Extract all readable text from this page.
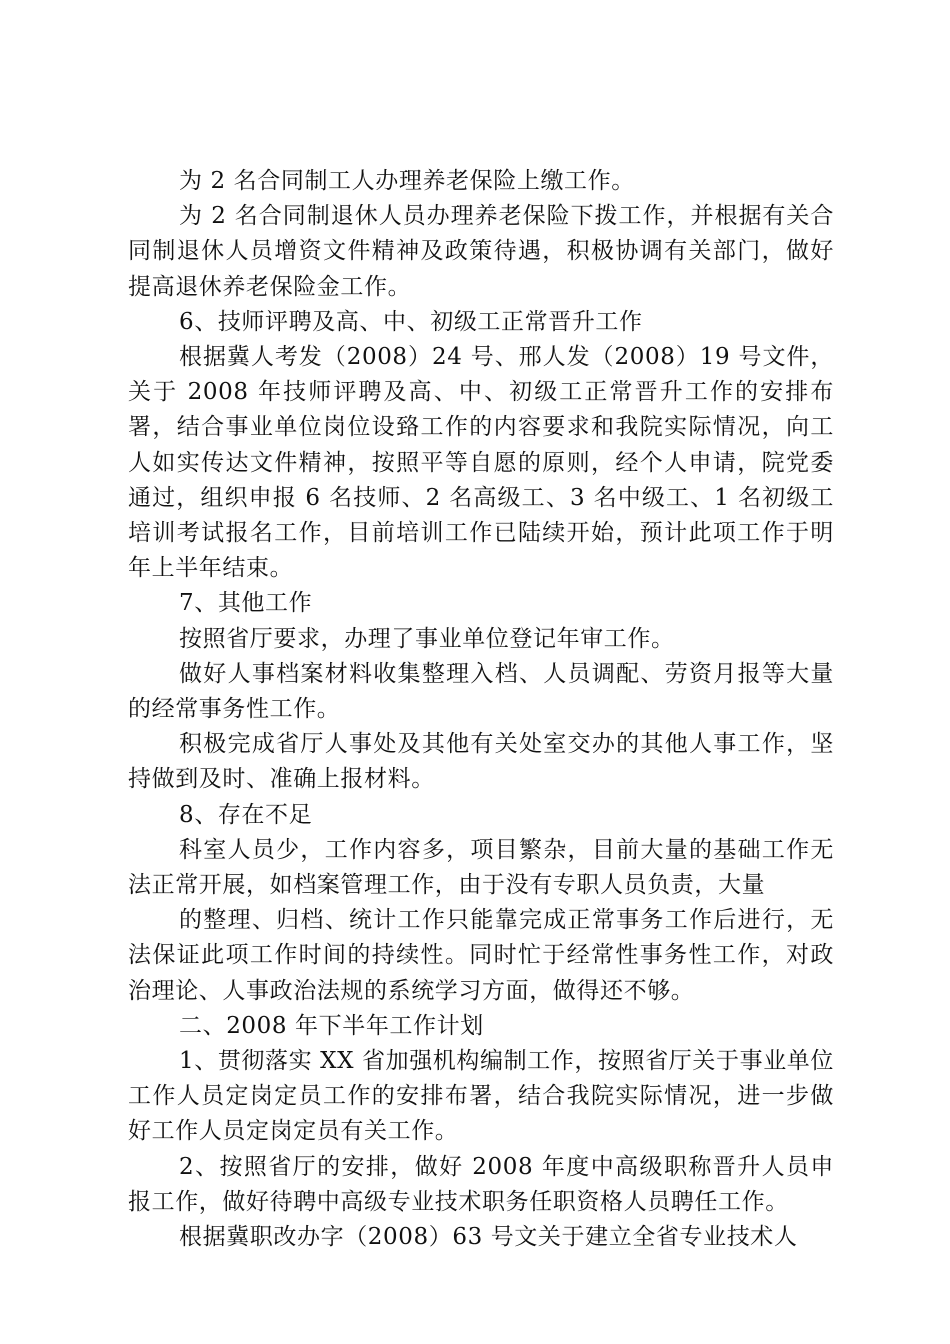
为 2 名合同制工人办理养老保险上缴工作。

为 2 名合同制退休人员办理养老保险下拨工作，并根据有关合同制退休人员增资文件精神及政策待遇，积极协调有关部门，做好提高退休养老保险金工作。

6、技师评聘及高、中、初级工正常晋升工作

根据冀人考发（2008）24 号、邢人发（2008）19 号文件，关于 2008 年技师评聘及高、中、初级工正常晋升工作的安排布署，结合事业单位岗位设臵工作的内容要求和我院实际情况，向工人如实传达文件精神，按照平等自愿的原则，经个人申请，院党委通过，组织申报 6 名技师、2 名高级工、3 名中级工、1 名初级工培训考试报名工作，目前培训工作已陆续开始，预计此项工作于明年上半年结束。

7、其他工作

按照省厅要求，办理了事业单位登记年审工作。

做好人事档案材料收集整理入档、人员调配、劳资月报等大量的经常事务性工作。

积极完成省厅人事处及其他有关处室交办的其他人事工作，坚持做到及时、准确上报材料。

8、存在不足

科室人员少，工作内容多，项目繁杂，目前大量的基础工作无法正常开展，如档案管理工作，由于没有专职人员负责，大量

的整理、归档、统计工作只能靠完成正常事务工作后进行，无法保证此项工作时间的持续性。同时忙于经常性事务性工作，对政治理论、人事政治法规的系统学习方面，做得还不够。

二、2008 年下半年工作计划

1、贯彻落实 XX 省加强机构编制工作，按照省厅关于事业单位工作人员定岗定员工作的安排布署，结合我院实际情况，进一步做好工作人员定岗定员有关工作。

2、按照省厅的安排，做好 2008 年度中高级职称晋升人员申报工作，做好待聘中高级专业技术职务任职资格人员聘任工作。

根据冀职改办字（2008）63 号文关于建立全省专业技术人
